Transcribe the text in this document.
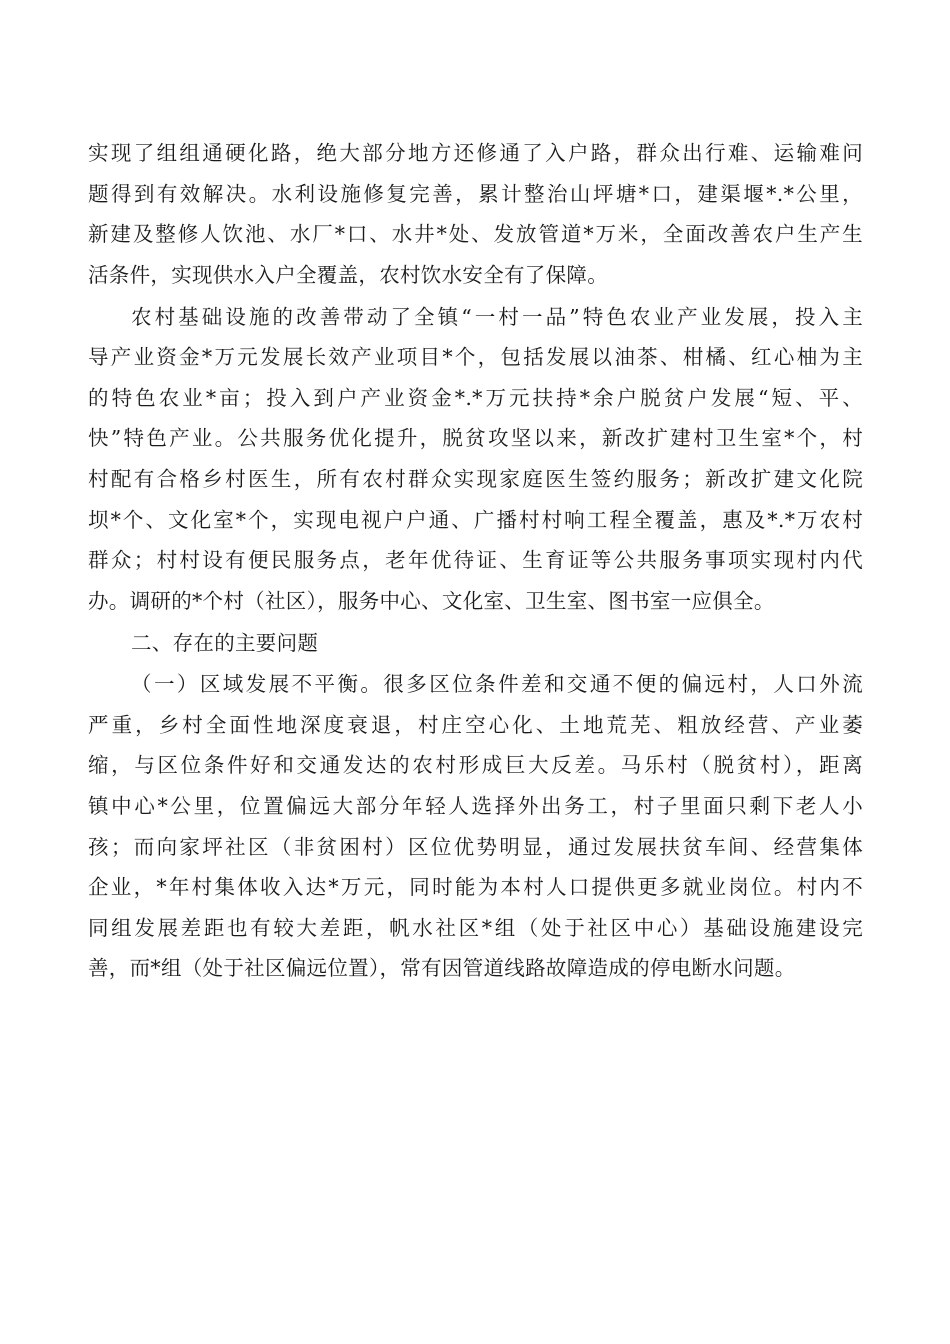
实现了组组通硬化路，绝大部分地方还修通了入户路，群众出行难、运输难问
题得到有效解决。水利设施修复完善，累计整治山坪塘*口，建渠堰*.*公里，
新建及整修人饮池、水厂*口、水井*处、发放管道*万米，全面改善农户生产生
活条件，实现供水入户全覆盖，农村饮水安全有了保障。
农村基础设施的改善带动了全镇“一村一品”特色农业产业发展，投入主
导产业资金*万元发展长效产业项目*个，包括发展以油茶、柑橘、红心柚为主
的特色农业*亩；投入到户产业资金*.*万元扶持*余户脱贫户发展“短、平、
快”特色产业。公共服务优化提升，脱贫攻坚以来，新改扩建村卫生室*个，村
村配有合格乡村医生，所有农村群众实现家庭医生签约服务；新改扩建文化院
坝*个、文化室*个，实现电视户户通、广播村村响工程全覆盖，惠及*.*万农村
群众；村村设有便民服务点，老年优待证、生育证等公共服务事项实现村内代
办。调研的*个村（社区），服务中心、文化室、卫生室、图书室一应俱全。
二、存在的主要问题
（一）区域发展不平衡。很多区位条件差和交通不便的偏远村，人口外流
严重，乡村全面性地深度衰退，村庄空心化、土地荒芜、粗放经营、产业萎
缩，与区位条件好和交通发达的农村形成巨大反差。马乐村（脱贫村），距离
镇中心*公里，位置偏远大部分年轻人选择外出务工，村子里面只剩下老人小
孩；而向家坪社区（非贫困村）区位优势明显，通过发展扶贫车间、经营集体
企业，*年村集体收入达*万元，同时能为本村人口提供更多就业岗位。村内不
同组发展差距也有较大差距，帆水社区*组（处于社区中心）基础设施建设完
善，而*组（处于社区偏远位置），常有因管道线路故障造成的停电断水问题。
